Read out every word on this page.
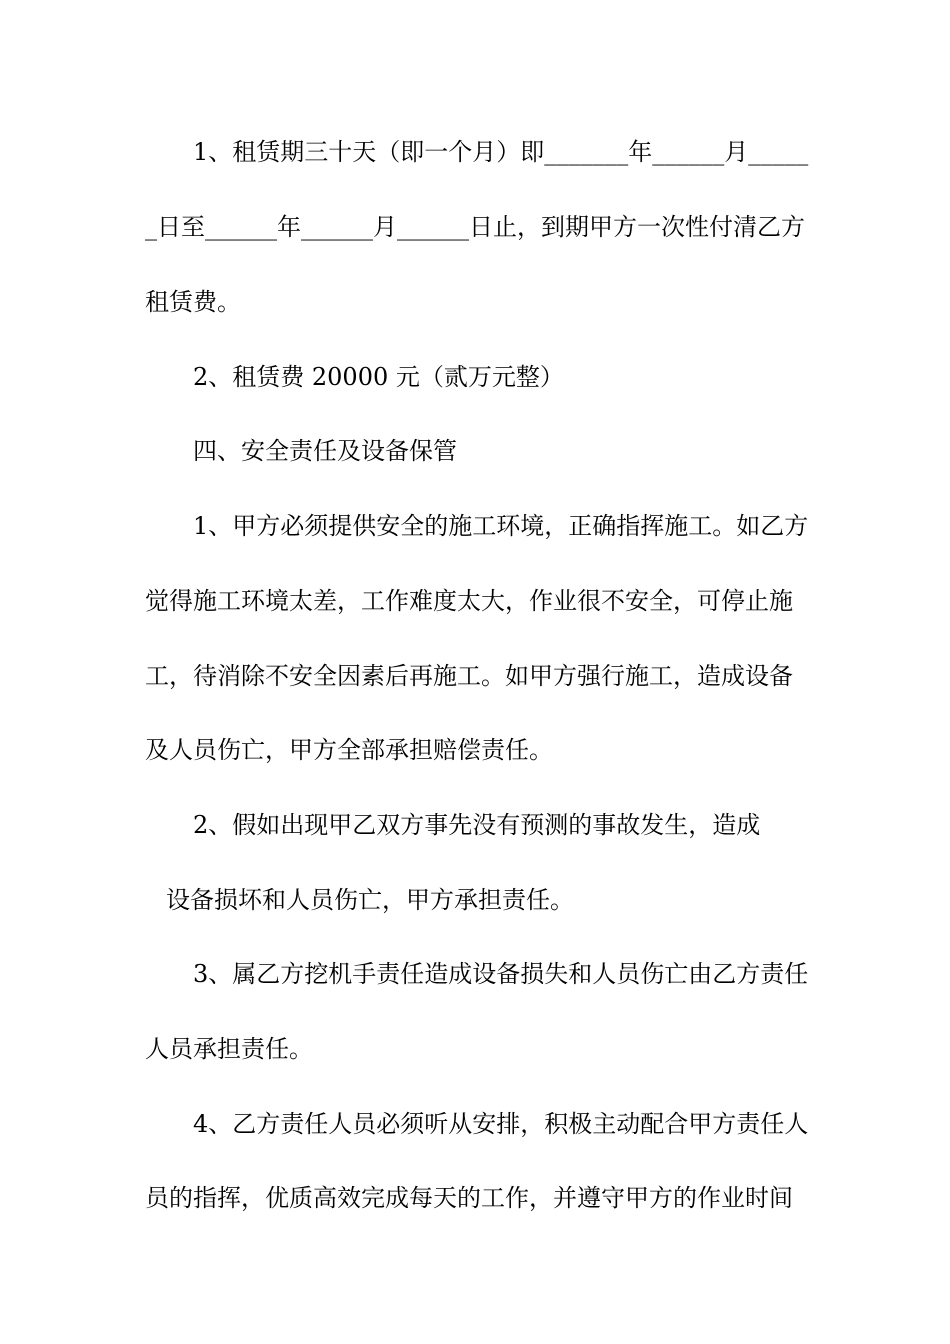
1、租赁期三十天（即一个月）即_______年______月_____
_日至______年______月______日止，到期甲方一次性付清乙方
租赁费。
2、租赁费 20000 元（贰万元整）
四、安全责任及设备保管
1、甲方必须提供安全的施工环境，正确指挥施工。如乙方
觉得施工环境太差，工作难度太大，作业很不安全，可停止施
工，待消除不安全因素后再施工。如甲方强行施工，造成设备
及人员伤亡，甲方全部承担赔偿责任。
2、假如出现甲乙双方事先没有预测的事故发生，造成
设备损坏和人员伤亡，甲方承担责任。
3、属乙方挖机手责任造成设备损失和人员伤亡由乙方责任
人员承担责任。
4、乙方责任人员必须听从安排，积极主动配合甲方责任人
员的指挥，优质高效完成每天的工作，并遵守甲方的作业时间
